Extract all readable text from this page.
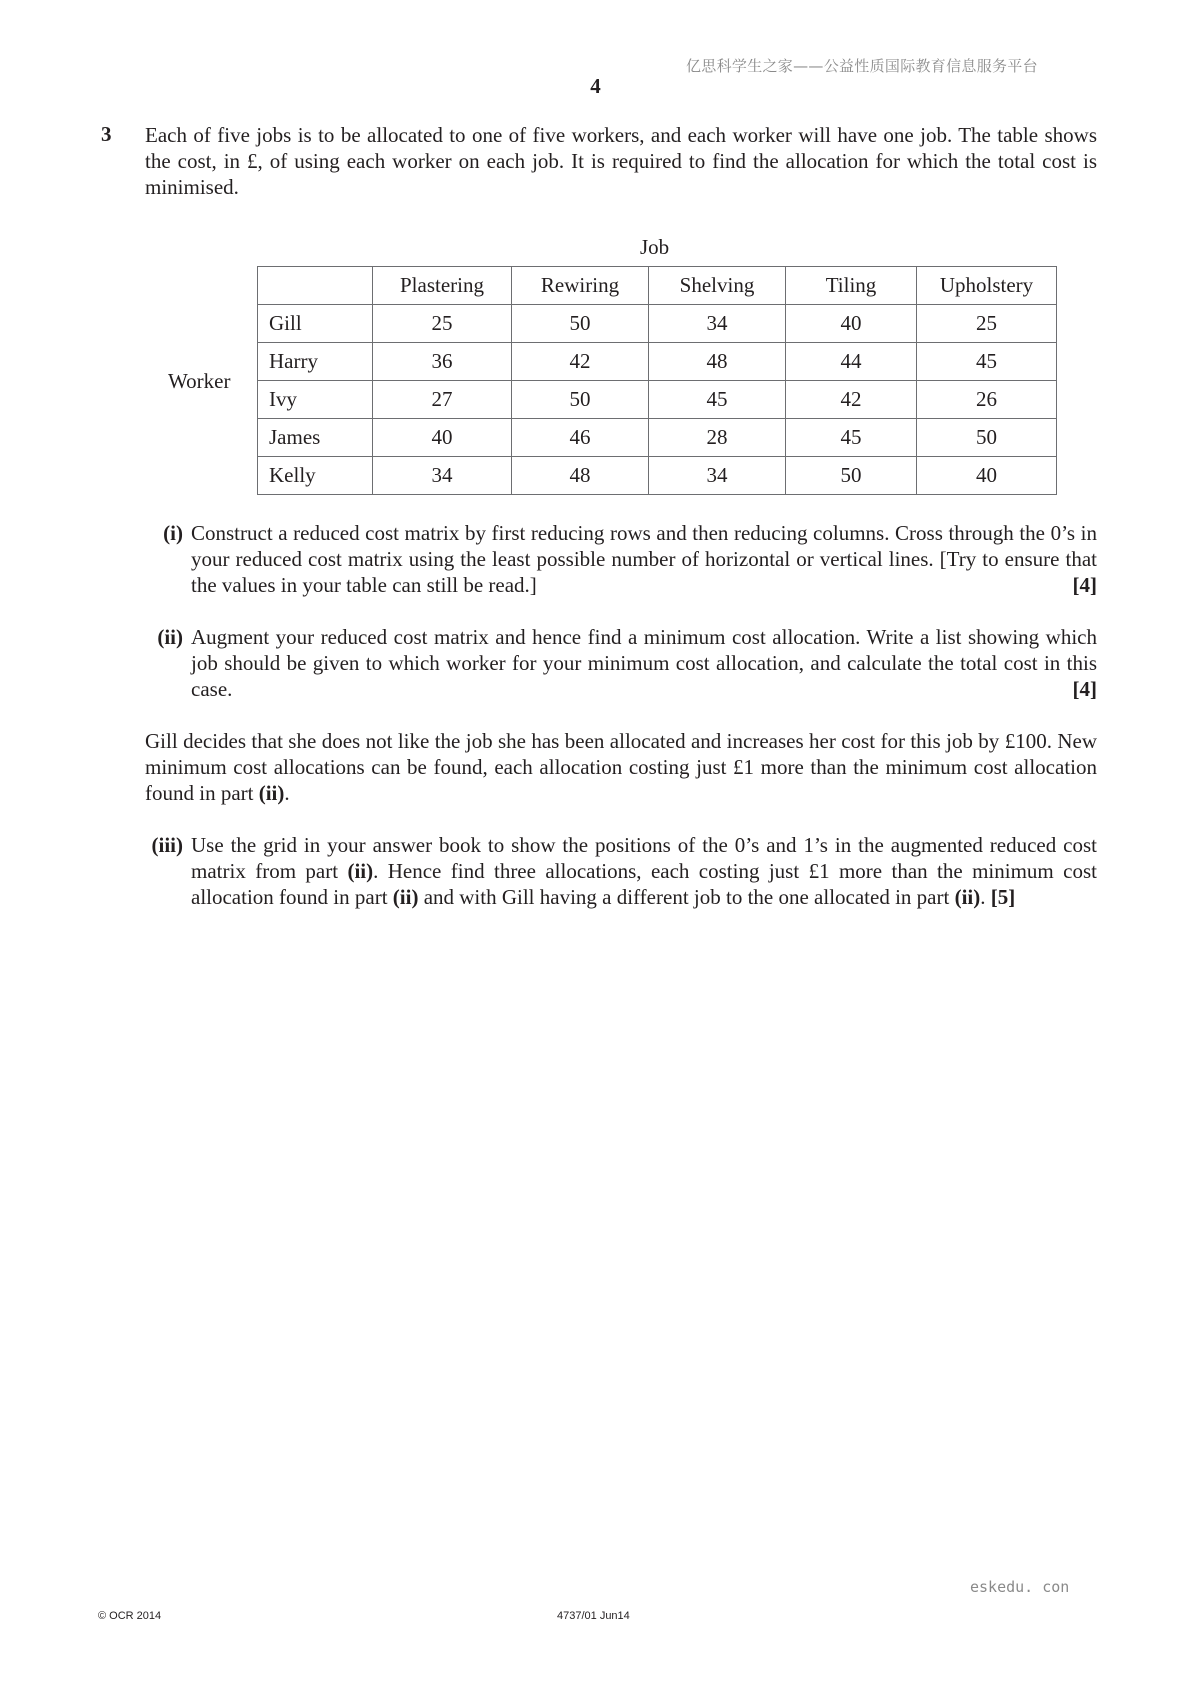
亿思科学生之家——公益性质国际教育信息服务平台
4
3 Each of five jobs is to be allocated to one of five workers, and each worker will have one job. The table shows the cost, in £, of using each worker on each job. It is required to find the allocation for which the total cost is minimised.
Job
Worker
	Plastering	Rewiring	Shelving	Tiling	Upholstery
Gill	25	50	34	40	25
Harry	36	42	48	44	45
Ivy	27	50	45	42	26
James	40	46	28	45	50
Kelly	34	48	34	50	40
(i) Construct a reduced cost matrix by first reducing rows and then reducing columns. Cross through the 0’s in your reduced cost matrix using the least possible number of horizontal or vertical lines. [Try to ensure that the values in your table can still be read.]	[4]
(ii) Augment your reduced cost matrix and hence find a minimum cost allocation. Write a list showing which job should be given to which worker for your minimum cost allocation, and calculate the total cost in this case.	[4]
Gill decides that she does not like the job she has been allocated and increases her cost for this job by £100. New minimum cost allocations can be found, each allocation costing just £1 more than the minimum cost allocation found in part (ii).
(iii) Use the grid in your answer book to show the positions of the 0’s and 1’s in the augmented reduced cost matrix from part (ii). Hence find three allocations, each costing just £1 more than the minimum cost allocation found in part (ii) and with Gill having a different job to the one allocated in part (ii). [5]
eskedu. con
© OCR 2014	4737/01 Jun14
